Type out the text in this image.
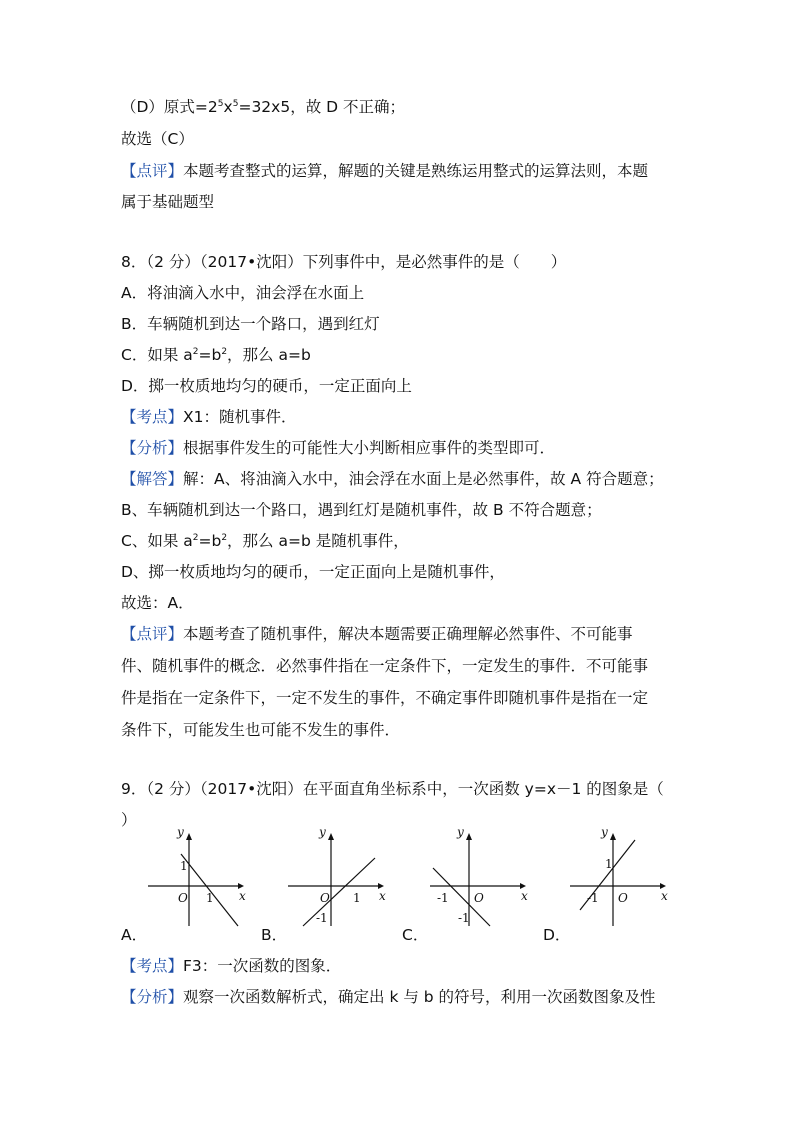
（D）原式$=2^5x^5=32x5$，故 D 不正确；
故选（C）
【点评】本题考查整式的运算，解题的关键是熟练运用整式的运算法则，本题
属于基础题型
8．（2 分）（2017•沈阳）下列事件中，是必然事件的是（　　）
A．将油滴入水中，油会浮在水面上
B．车辆随机到达一个路口，遇到红灯
C．如果 $a^2=b^2$，那么 a=b
D．掷一枚质地均匀的硬币，一定正面向上
【考点】X1：随机事件．
【分析】根据事件发生的可能性大小判断相应事件的类型即可．
【解答】解：A、将油滴入水中，油会浮在水面上是必然事件，故 A 符合题意；
B、车辆随机到达一个路口，遇到红灯是随机事件，故 B 不符合题意；
C、如果 $a^2=b^2$，那么 a=b 是随机事件，
D、掷一枚质地均匀的硬币，一定正面向上是随机事件，
故选：A．
【点评】本题考查了随机事件，解决本题需要正确理解必然事件、不可能事
件、随机事件的概念．必然事件指在一定条件下，一定发生的事件．不可能事
件是指在一定条件下，一定不发生的事件，不确定事件即随机事件是指在一定
条件下，可能发生也可能不发生的事件．
9．（2 分）（2017•沈阳）在平面直角坐标系中，一次函数 y=x－1 的图象是（
）
y
x
O
1
1
A．
y
x
O
-1
1
B．
y
x
O
-1
-1
C．
y
x
O
1
-1
D．
【考点】F3：一次函数的图象．
【分析】观察一次函数解析式，确定出 k 与 b 的符号，利用一次函数图象及性
